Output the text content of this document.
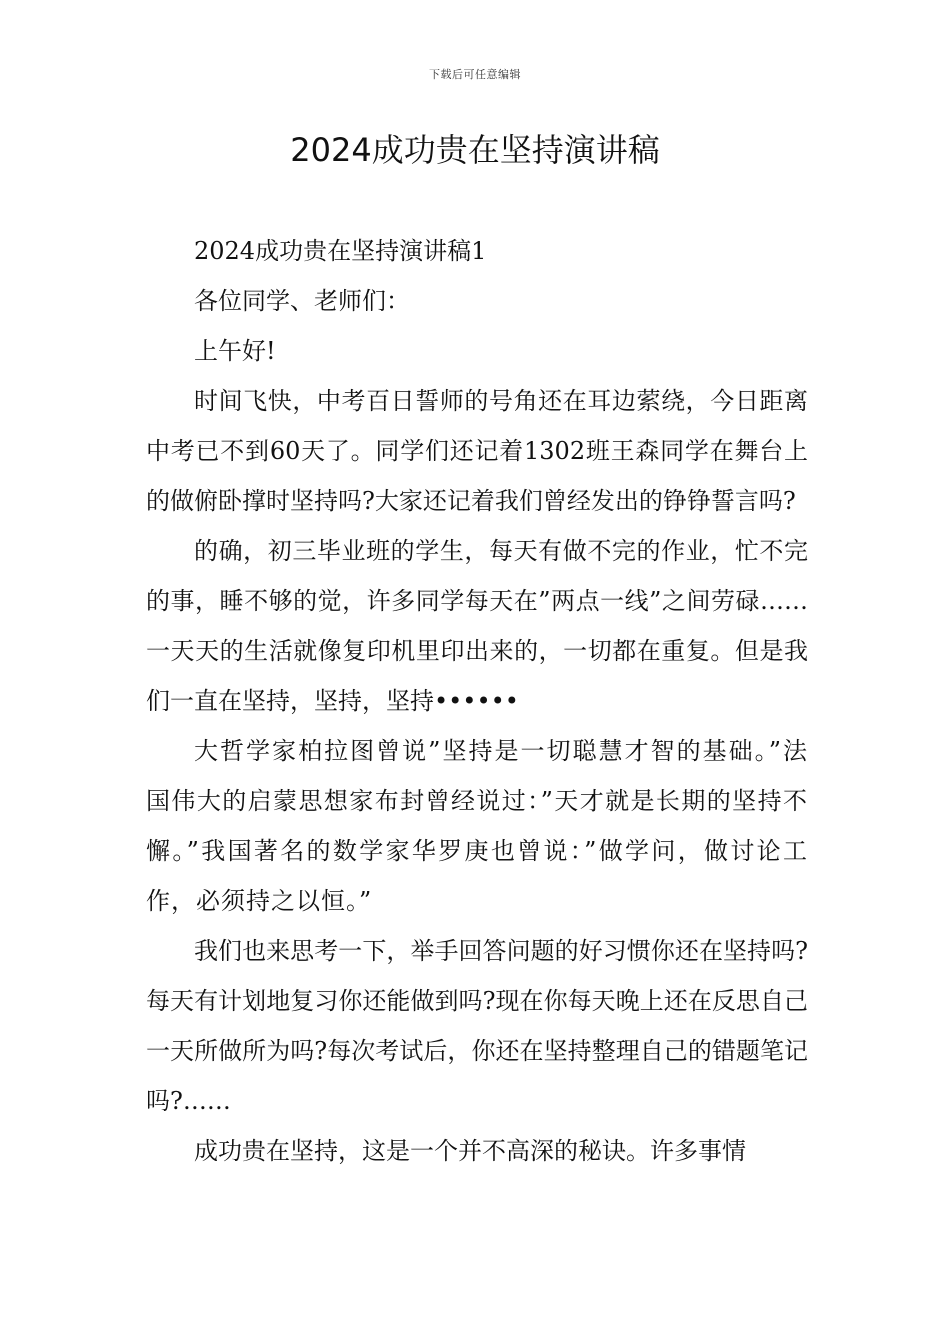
下载后可任意编辑
2024成功贵在坚持演讲稿

2024成功贵在坚持演讲稿1

各位同学、老师们：

上午好!

时间飞快，中考百日誓师的号角还在耳边萦绕，今日距离中考已不到60天了。同学们还记着1302班王森同学在舞台上的做俯卧撑时坚持吗?大家还记着我们曾经发出的铮铮誓言吗?

的确，初三毕业班的学生，每天有做不完的作业，忙不完的事，睡不够的觉，许多同学每天在”两点一线”之间劳碌……一天天的生活就像复印机里印出来的，一切都在重复。但是我们一直在坚持，坚持，坚持••••••

大哲学家柏拉图曾说”坚持是一切聪慧才智的基础。”法国伟大的启蒙思想家布封曾经说过：”天才就是长期的坚持不懈。”我国著名的数学家华罗庚也曾说：”做学问，做讨论工作，必须持之以恒。”

我们也来思考一下，举手回答问题的好习惯你还在坚持吗?每天有计划地复习你还能做到吗?现在你每天晚上还在反思自己一天所做所为吗?每次考试后，你还在坚持整理自己的错题笔记吗?……

成功贵在坚持，这是一个并不高深的秘诀。许多事情
